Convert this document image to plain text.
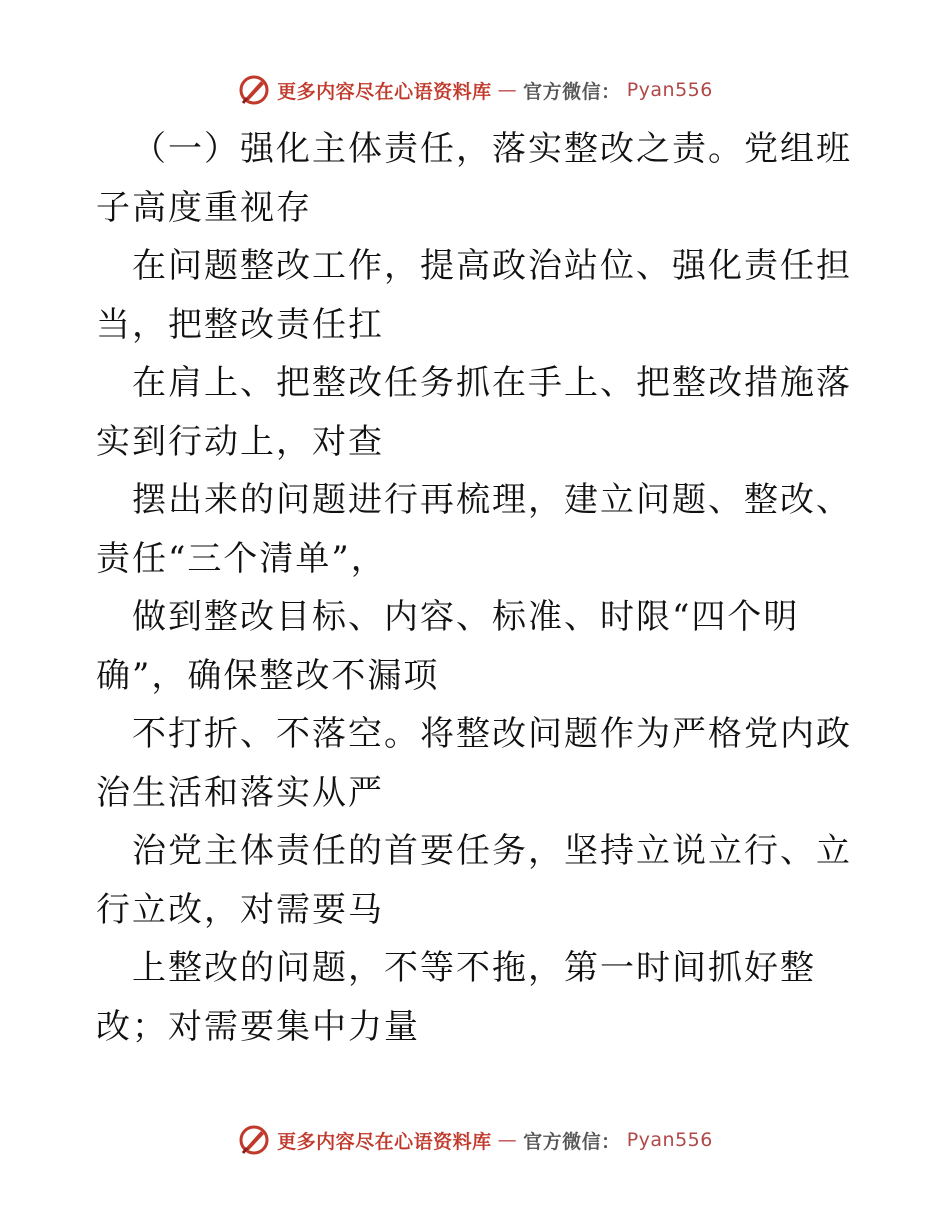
更多内容尽在心语资料库 — 官方微信： Pyan556

（一）强化主体责任，落实整改之责。党组班子高度重视存

在问题整改工作，提高政治站位、强化责任担当，把整改责任扛

在肩上、把整改任务抓在手上、把整改措施落实到行动上，对查

摆出来的问题进行再梳理，建立问题、整改、责任“三个清单”，

做到整改目标、内容、标准、时限“四个明确”，确保整改不漏项

不打折、不落空。将整改问题作为严格党内政治生活和落实从严

治党主体责任的首要任务，坚持立说立行、立行立改，对需要马

上整改的问题，不等不拖，第一时间抓好整改；对需要集中力量

更多内容尽在心语资料库 — 官方微信： Pyan556
